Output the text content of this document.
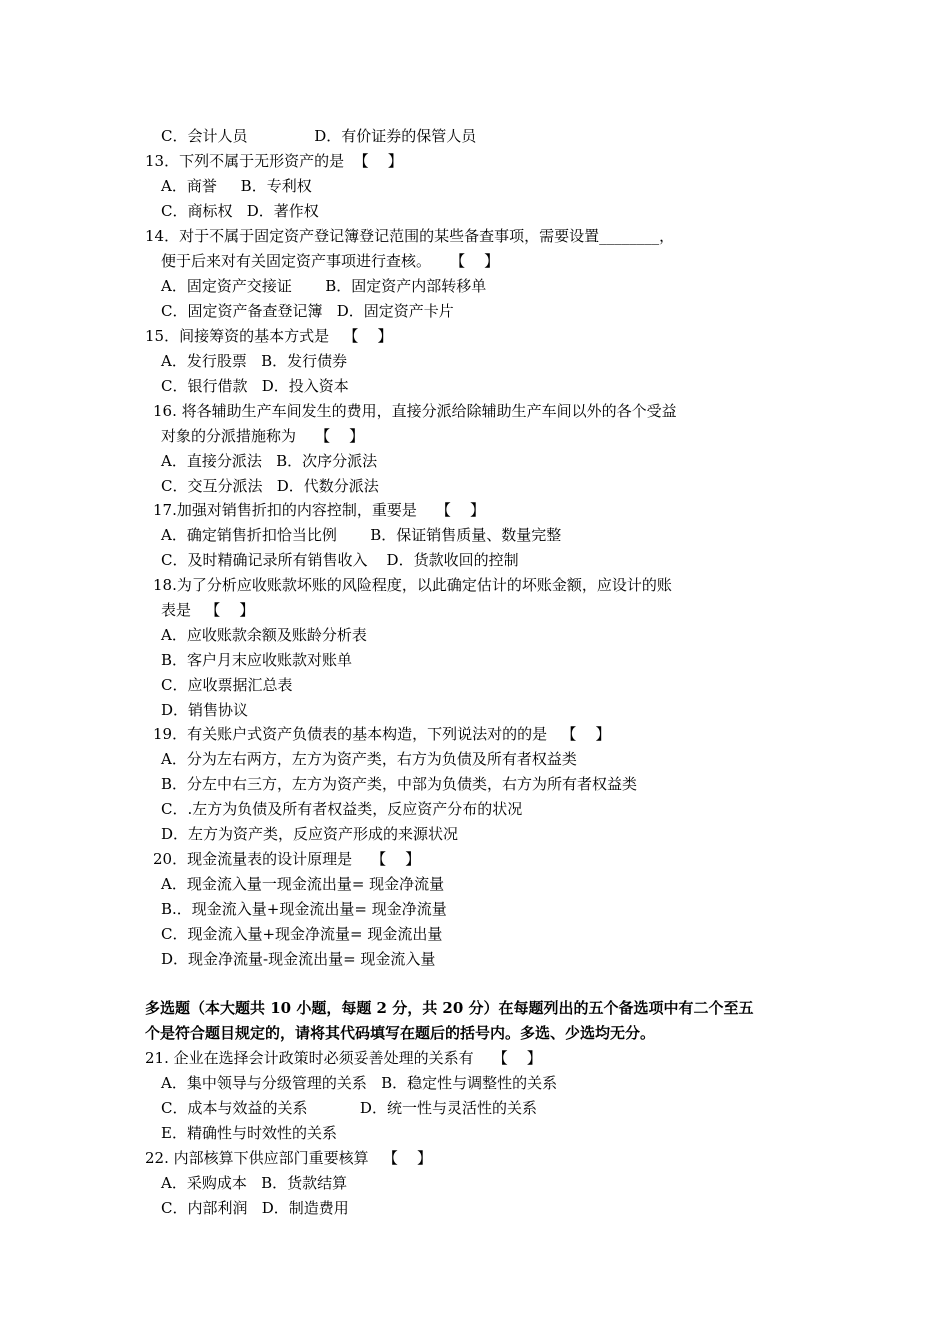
C．会计人员              D．有价证券的保管人员
13．下列不属于无形资产的是  【    】
A．商誉     B．专利权
C．商标权   D．著作权
14．对于不属于固定资产登记簿登记范围的某些备查事项，需要设置________，
便于后来对有关固定资产事项进行查核。    【    】
A．固定资产交接证       B．固定资产内部转移单
C．固定资产备查登记簿   D．固定资产卡片
15．间接筹资的基本方式是   【    】
A．发行股票   B．发行债券
C．银行借款   D．投入资本
16. 将各辅助生产车间发生的费用，直接分派给除辅助生产车间以外的各个受益
对象的分派措施称为    【    】
A．直接分派法   B．次序分派法
C．交互分派法   D．代数分派法
17.加强对销售折扣的内容控制，重要是    【    】
A．确定销售折扣恰当比例       B．保证销售质量、数量完整
C．及时精确记录所有销售收入    D．货款收回的控制
18.为了分析应收账款坏账的风险程度，以此确定估计的坏账金额，应设计的账
表是   【    】
A．应收账款余额及账龄分析表
B．客户月末应收账款对账单
C．应收票据汇总表
D．销售协议
19．有关账户式资产负债表的基本构造，下列说法对的的是   【    】
A．分为左右两方，左方为资产类，右方为负债及所有者权益类
B．分左中右三方，左方为资产类，中部为负债类，右方为所有者权益类
C．.左方为负债及所有者权益类，反应资产分布的状况
D．左方为资产类，反应资产形成的来源状况
20．现金流量表的设计原理是    【    】
A．现金流入量一现金流出量= 现金净流量
B.．现金流入量+现金流出量= 现金净流量
C．现金流入量+现金净流量= 现金流出量
D．现金净流量-现金流出量= 现金流入量
多选题（本大题共 10 小题，每题 2 分，共 20 分）在每题列出的五个备选项中有二个至五
个是符合题目规定的，请将其代码填写在题后的括号内。多选、少选均无分。
21. 企业在选择会计政策时必须妥善处理的关系有    【    】
A．集中领导与分级管理的关系   B．稳定性与调整性的关系
C．成本与效益的关系           D．统一性与灵活性的关系
E．精确性与时效性的关系
22. 内部核算下供应部门重要核算   【    】
A．采购成本   B．货款结算
C．内部利润   D．制造费用
